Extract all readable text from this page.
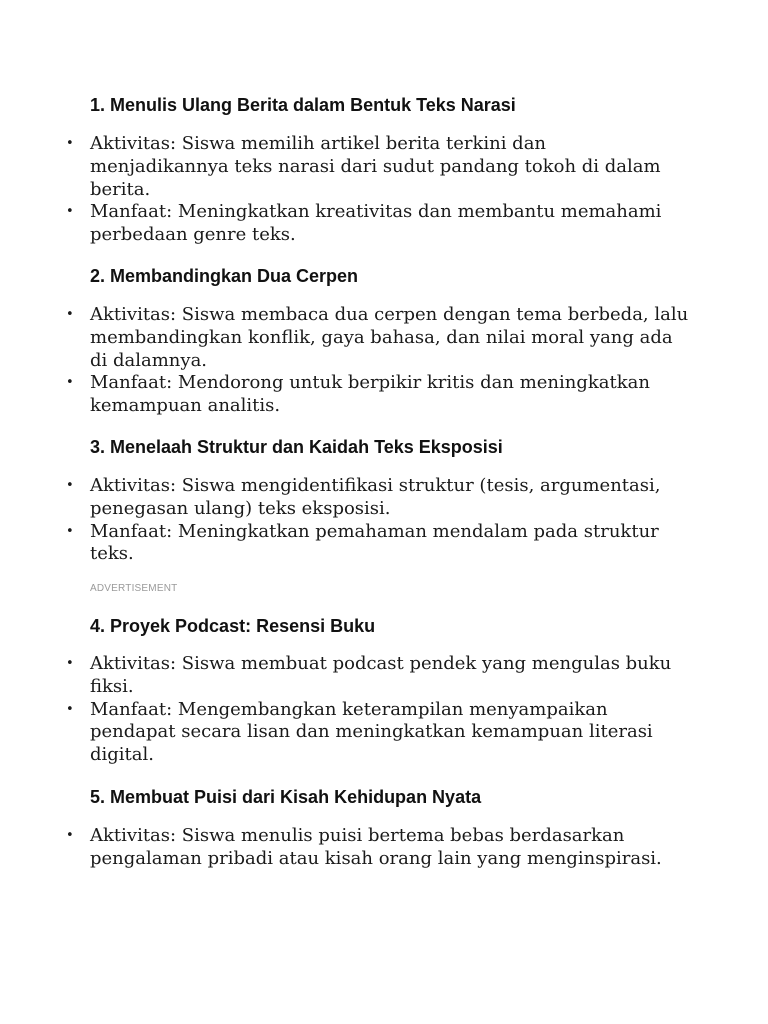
1. Menulis Ulang Berita dalam Bentuk Teks Narasi
• Aktivitas: Siswa memilih artikel berita terkini dan menjadikannya teks narasi dari sudut pandang tokoh di dalam berita.
• Manfaat: Meningkatkan kreativitas dan membantu memahami perbedaan genre teks.
2. Membandingkan Dua Cerpen
• Aktivitas: Siswa membaca dua cerpen dengan tema berbeda, lalu membandingkan konflik, gaya bahasa, dan nilai moral yang ada di dalamnya.
• Manfaat: Mendorong untuk berpikir kritis dan meningkatkan kemampuan analitis.
3. Menelaah Struktur dan Kaidah Teks Eksposisi
• Aktivitas: Siswa mengidentifikasi struktur (tesis, argumentasi, penegasan ulang) teks eksposisi.
• Manfaat: Meningkatkan pemahaman mendalam pada struktur teks.

ADVERTISEMENT

4. Proyek Podcast: Resensi Buku
• Aktivitas: Siswa membuat podcast pendek yang mengulas buku fiksi.
• Manfaat: Mengembangkan keterampilan menyampaikan pendapat secara lisan dan meningkatkan kemampuan literasi digital.
5. Membuat Puisi dari Kisah Kehidupan Nyata
• Aktivitas: Siswa menulis puisi bertema bebas berdasarkan pengalaman pribadi atau kisah orang lain yang menginspirasi.
